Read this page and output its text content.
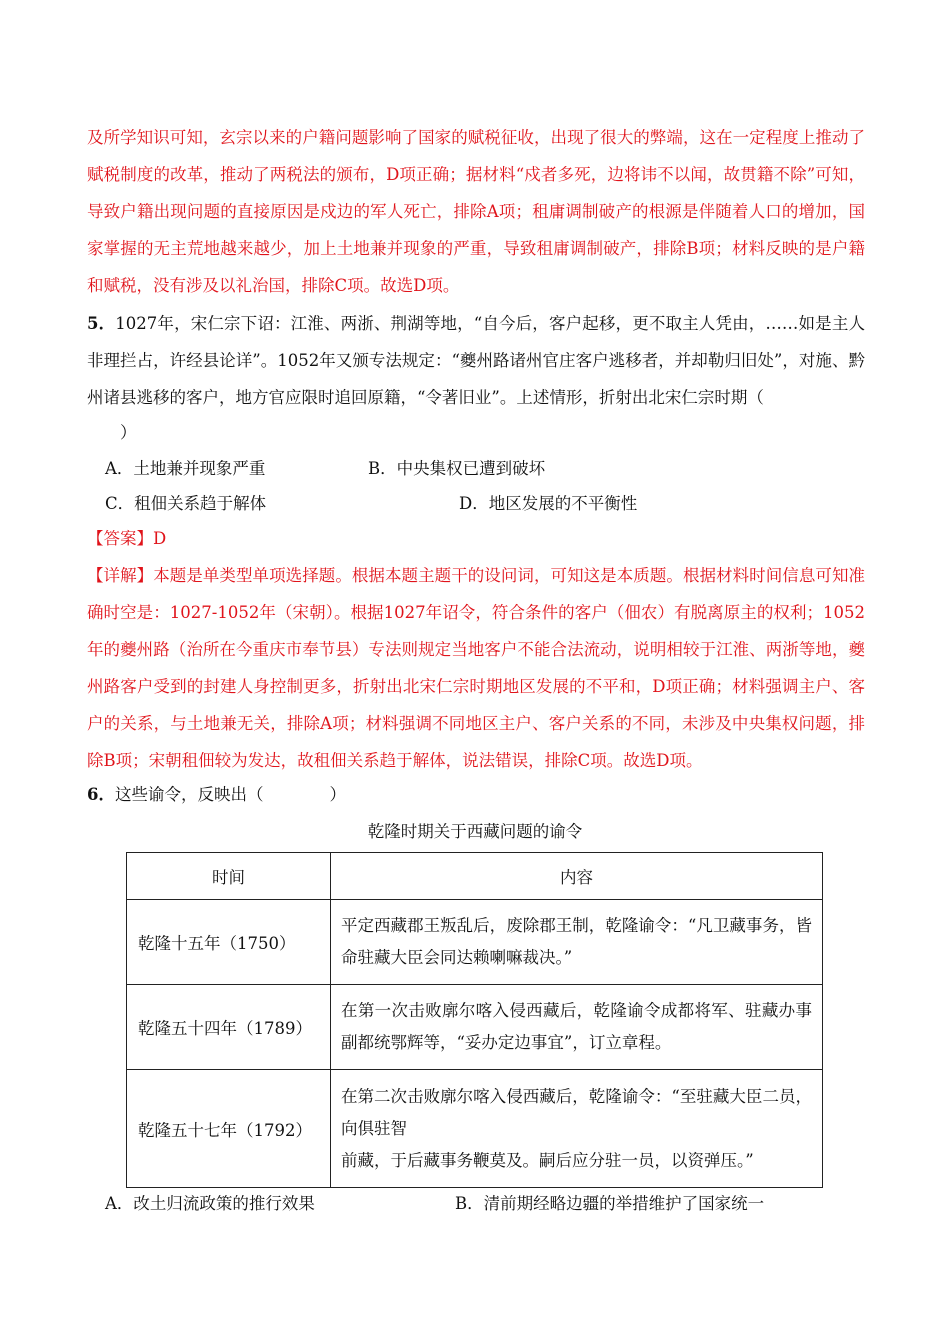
及所学知识可知，玄宗以来的户籍问题影响了国家的赋税征收，出现了很大的弊端，这在一定程度上推动了赋税制度的改革，推动了两税法的颁布，D项正确；据材料“戍者多死，边将讳不以闻，故贯籍不除”可知，导致户籍出现问题的直接原因是戍边的军人死亡，排除A项；租庸调制破产的根源是伴随着人口的增加，国家掌握的无主荒地越来越少，加上土地兼并现象的严重，导致租庸调制破产，排除B项；材料反映的是户籍和赋税，没有涉及以礼治国，排除C项。故选D项。
5．1027年，宋仁宗下诏：江淮、两浙、荆湖等地，“自今后，客户起移，更不取主人凭由，……如是主人非理拦占，许经县论详”。1052年又颁专法规定：“夔州路诸州官庄客户逃移者，并却勒归旧处”，对施、黔州诸县逃移的客户，地方官应限时追回原籍，“令著旧业”。上述情形，折射出北宋仁宗时期（
）
A．土地兼并现象严重	B．中央集权已遭到破坏
C．租佃关系趋于解体	D．地区发展的不平衡性
【答案】D
【详解】本题是单类型单项选择题。根据本题主题干的设问词，可知这是本质题。根据材料时间信息可知准确时空是：1027-1052年（宋朝）。根据1027年诏令，符合条件的客户（佃农）有脱离原主的权利；1052年的夔州路（治所在今重庆市奉节县）专法则规定当地客户不能合法流动，说明相较于江淮、两浙等地，夔州路客户受到的封建人身控制更多，折射出北宋仁宗时期地区发展的不平和，D项正确；材料强调主户、客户的关系，与土地兼无关，排除A项；材料强调不同地区主户、客户关系的不同，未涉及中央集权问题，排除B项；宋朝租佃较为发达，故租佃关系趋于解体，说法错误，排除C项。故选D项。
6．这些谕令，反映出（　　　　）
乾隆时期关于西藏问题的谕令
时间	内容
乾隆十五年（1750）	平定西藏郡王叛乱后，废除郡王制，乾隆谕令：“凡卫藏事务，皆命驻藏大臣会同达赖喇嘛裁决。”
乾隆五十四年（1789）	在第一次击败廓尔喀入侵西藏后，乾隆谕令成都将军、驻藏办事副都统鄂辉等，“妥办定边事宜”，订立章程。
乾隆五十七年（1792）	在第二次击败廓尔喀入侵西藏后，乾隆谕令：“至驻藏大臣二员，向俱驻智
前藏，于后藏事务鞭莫及。嗣后应分驻一员，以资弹压。”
A．改土归流政策的推行效果	B．清前期经略边疆的举措维护了国家统一
